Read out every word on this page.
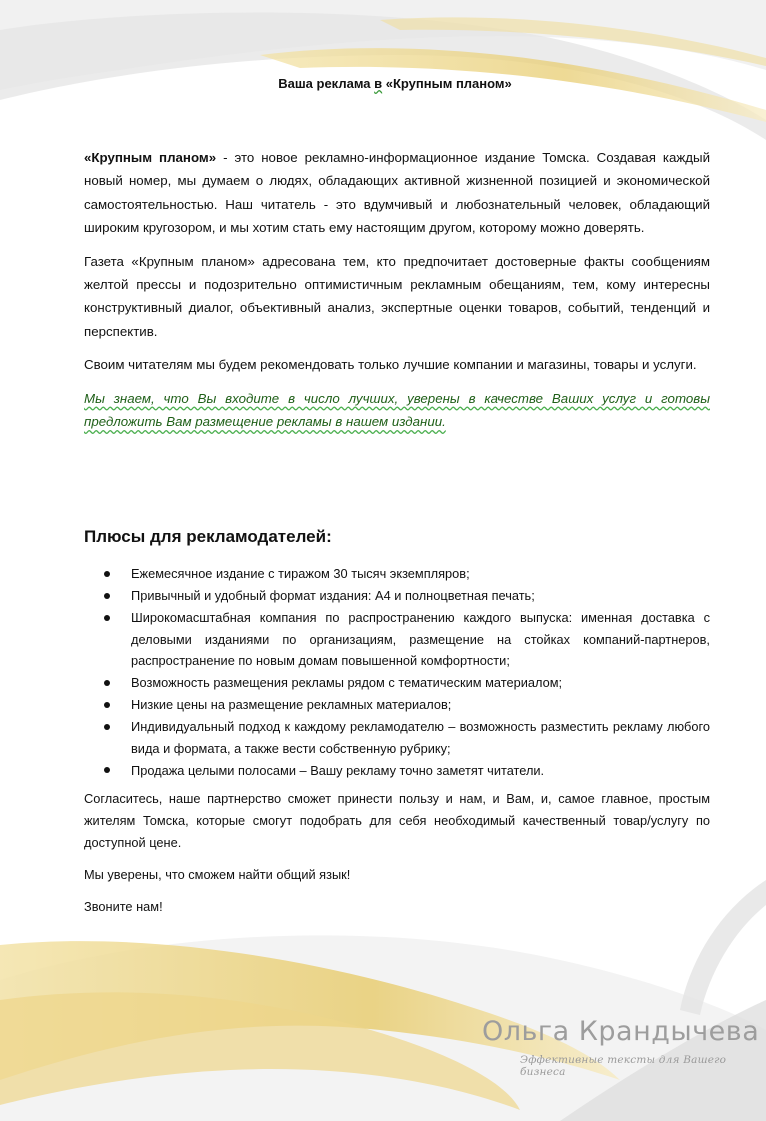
Ваша реклама в «Крупным планом»

«Крупным планом» - это новое рекламно-информационное издание Томска. Создавая каждый новый номер, мы думаем о людях, обладающих активной жизненной позицией и экономической самостоятельностью. Наш читатель - это вдумчивый и любознательный человек, обладающий широким кругозором, и мы хотим стать ему настоящим другом, которому можно доверять.

Газета «Крупным планом» адресована тем, кто предпочитает достоверные факты сообщениям желтой прессы и подозрительно оптимистичным рекламным обещаниям, тем, кому интересны конструктивный диалог, объективный анализ, экспертные оценки товаров, событий, тенденций и перспектив.

Своим читателям мы будем рекомендовать только лучшие компании и магазины, товары и услуги.

Мы знаем, что Вы входите в число лучших, уверены в качестве Ваших услуг и готовы предложить Вам размещение рекламы в нашем издании.

Плюсы для рекламодателей:
Ежемесячное издание с тиражом 30 тысяч экземпляров;
Привычный и удобный формат издания: А4 и полноцветная печать;
Широкомасштабная компания по распространению каждого выпуска: именная доставка с деловыми изданиями по организациям, размещение на стойках компаний-партнеров, распространение по новым домам повышенной комфортности;
Возможность размещения рекламы рядом с тематическим материалом;
Низкие цены на размещение рекламных материалов;
Индивидуальный подход к каждому рекламодателю – возможность разместить рекламу любого вида и формата, а также вести собственную рубрику;
Продажа целыми полосами – Вашу рекламу точно заметят читатели.

Согласитесь, наше партнерство сможет принести пользу и нам, и Вам, и, самое главное, простым жителям Томска, которые смогут подобрать для себя необходимый качественный товар/услугу по доступной цене.

Мы уверены, что сможем найти общий язык!

Звоните нам!

Ольга Крандычева
Эффективные тексты для Вашего бизнеса
